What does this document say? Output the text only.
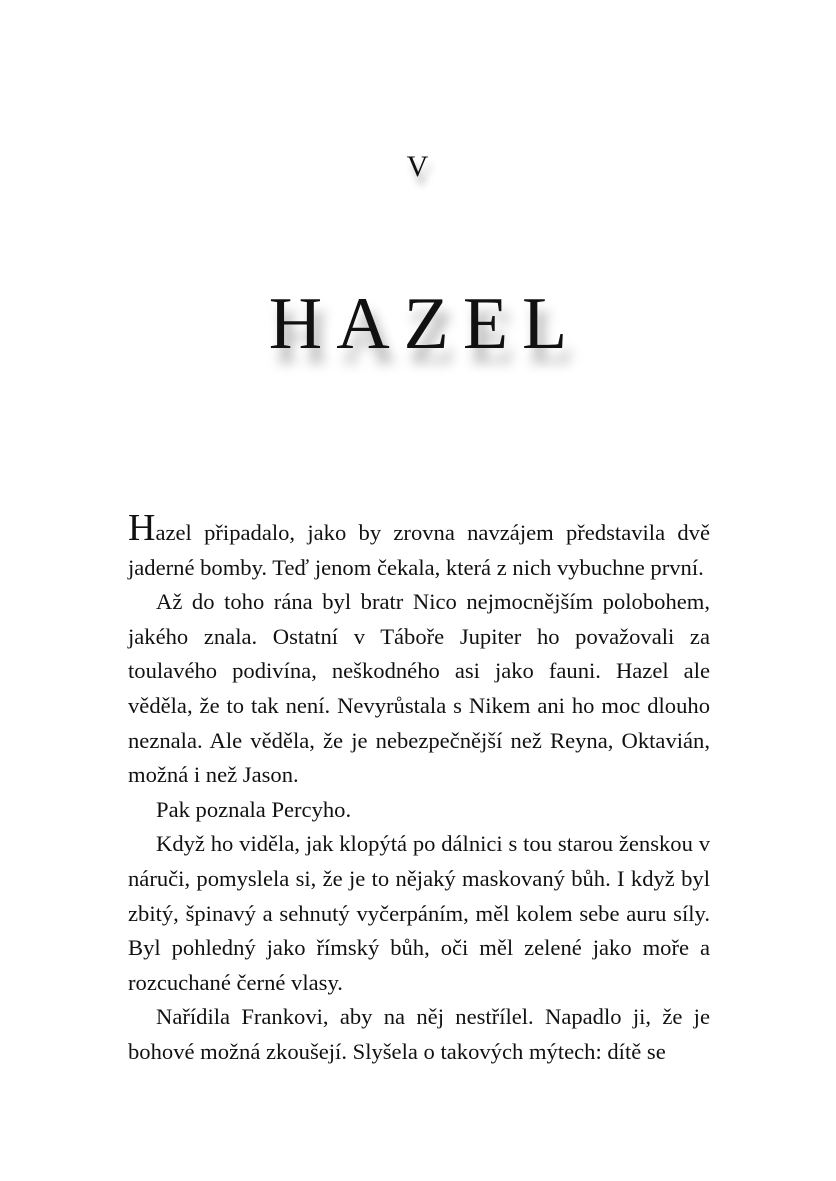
V
HAZEL

Hazel připadalo, jako by zrovna navzájem představila dvě jaderné bomby. Teď jenom čekala, která z nich vybuchne první.

Až do toho rána byl bratr Nico nejmocnějším polobohem, jakého znala. Ostatní v Táboře Jupiter ho považovali za toulavého podivína, neškodného asi jako fauni. Hazel ale věděla, že to tak není. Nevyrůstala s Nikem ani ho moc dlouho neznala. Ale věděla, že je nebezpečnější než Reyna, Oktavián, možná i než Jason.

Pak poznala Percyho.

Když ho viděla, jak klopýtá po dálnici s tou starou ženskou v náruči, pomyslela si, že je to nějaký maskovaný bůh. I když byl zbitý, špinavý a sehnutý vyčerpáním, měl kolem sebe auru síly. Byl pohledný jako římský bůh, oči měl zelené jako moře a rozcuchané černé vlasy.

Nařídila Frankovi, aby na něj nestřílel. Napadlo ji, že je bohové možná zkoušejí. Slyšela o takových mýtech: dítě se
